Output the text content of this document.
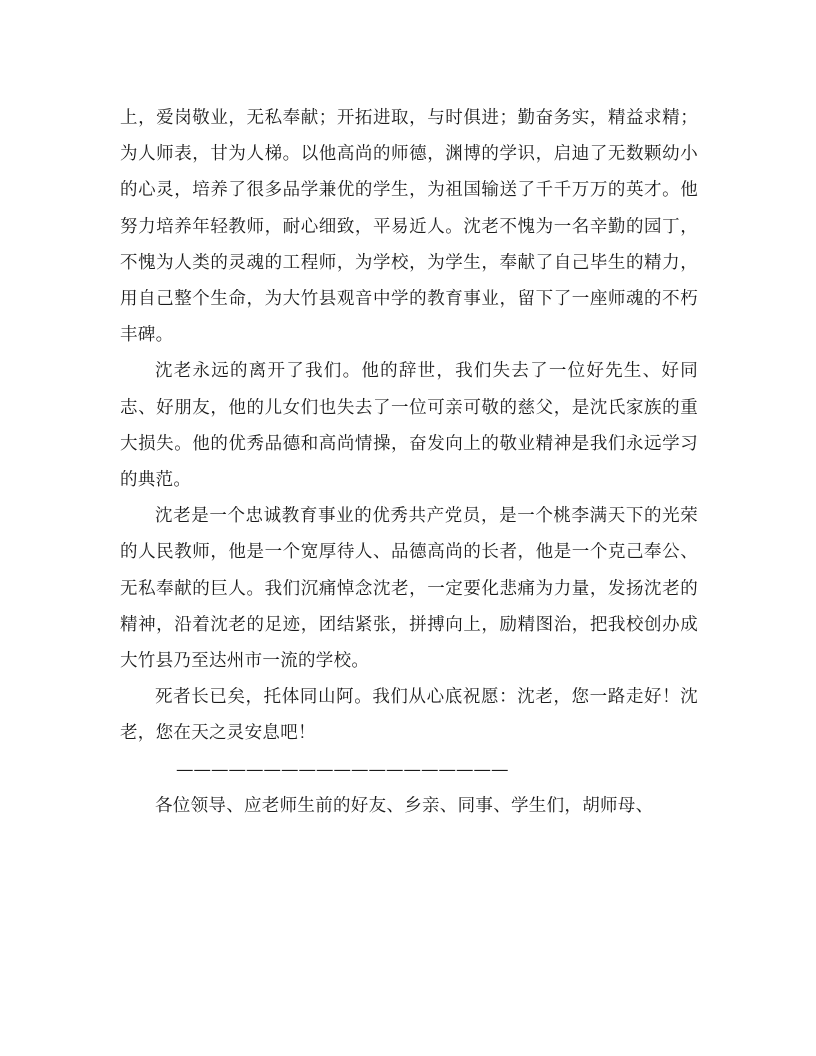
上，爱岗敬业，无私奉献；开拓进取，与时俱进；勤奋务实，精益求精；为人师表，甘为人梯。以他高尚的师德，渊博的学识，启迪了无数颗幼小的心灵，培养了很多品学兼优的学生，为祖国输送了千千万万的英才。他努力培养年轻教师，耐心细致，平易近人。沈老不愧为一名辛勤的园丁，不愧为人类的灵魂的工程师，为学校，为学生，奉献了自己毕生的精力，用自己整个生命，为大竹县观音中学的教育事业，留下了一座师魂的不朽丰碑。

沈老永远的离开了我们。他的辞世，我们失去了一位好先生、好同志、好朋友，他的儿女们也失去了一位可亲可敬的慈父，是沈氏家族的重大损失。他的优秀品德和高尚情操，奋发向上的敬业精神是我们永远学习的典范。

沈老是一个忠诚教育事业的优秀共产党员，是一个桃李满天下的光荣的人民教师，他是一个宽厚待人、品德高尚的长者，他是一个克己奉公、无私奉献的巨人。我们沉痛悼念沈老，一定要化悲痛为力量，发扬沈老的精神，沿着沈老的足迹，团结紧张，拼搏向上，励精图治，把我校创办成大竹县乃至达州市一流的学校。

死者长已矣，托体同山阿。我们从心底祝愿：沈老，您一路走好！沈老，您在天之灵安息吧！

———————————————————

各位领导、应老师生前的好友、乡亲、同事、学生们，胡师母、
